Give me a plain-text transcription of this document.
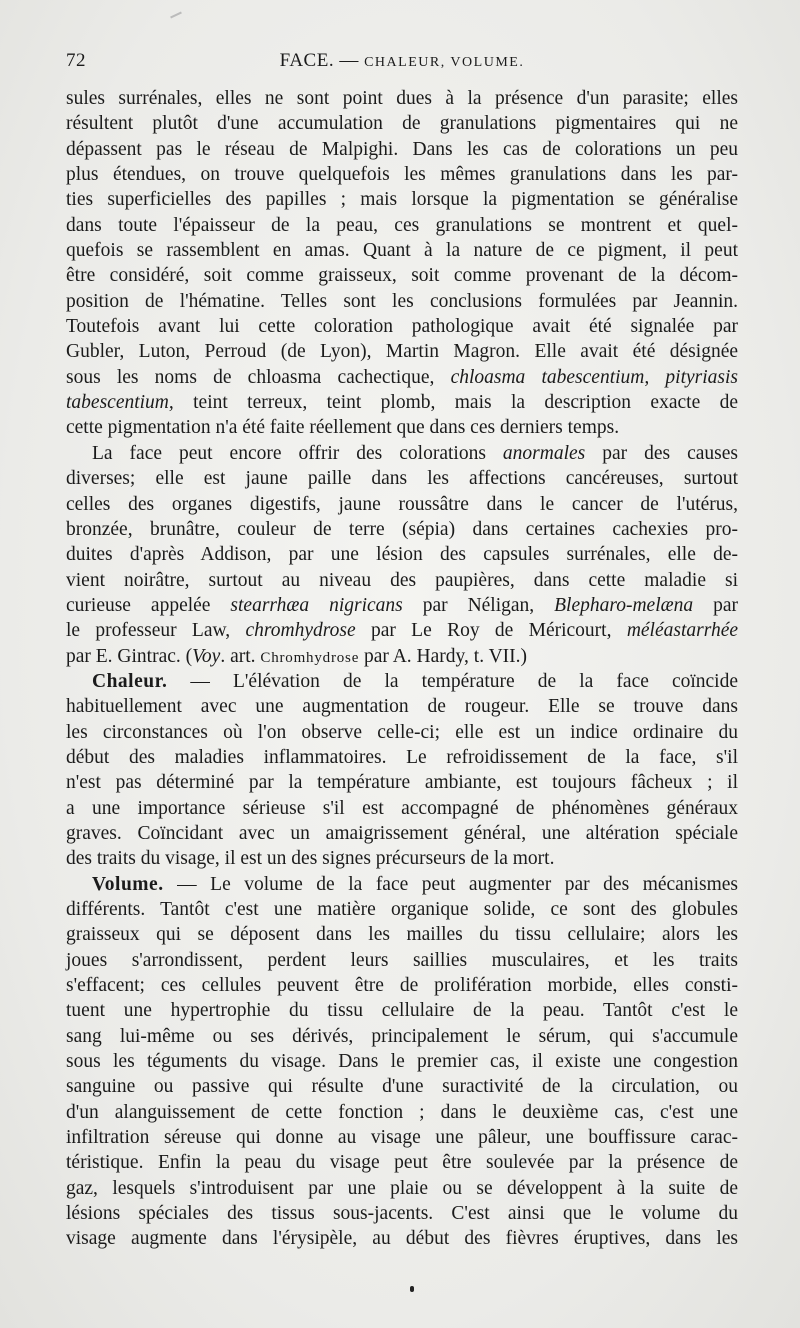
72	FACE. — CHALEUR, VOLUME.
sules surrénales, elles ne sont point dues à la présence d'un parasite; elles
résultent plutôt d'une accumulation de granulations pigmentaires qui ne
dépassent pas le réseau de Malpighi. Dans les cas de colorations un peu
plus étendues, on trouve quelquefois les mêmes granulations dans les par-
ties superficielles des papilles ; mais lorsque la pigmentation se généralise
dans toute l'épaisseur de la peau, ces granulations se montrent et quel-
quefois se rassemblent en amas. Quant à la nature de ce pigment, il peut
être considéré, soit comme graisseux, soit comme provenant de la décom-
position de l'hématine. Telles sont les conclusions formulées par Jeannin.
Toutefois avant lui cette coloration pathologique avait été signalée par
Gubler, Luton, Perroud (de Lyon), Martin Magron. Elle avait été désignée
sous les noms de chloasma cachectique, chloasma tabescentium, pityriasis
tabescentium, teint terreux, teint plomb, mais la description exacte de
cette pigmentation n'a été faite réellement que dans ces derniers temps.
La face peut encore offrir des colorations anormales par des causes
diverses; elle est jaune paille dans les affections cancéreuses, surtout
celles des organes digestifs, jaune roussâtre dans le cancer de l'utérus,
bronzée, brunâtre, couleur de terre (sépia) dans certaines cachexies pro-
duites d'après Addison, par une lésion des capsules surrénales, elle de-
vient noirâtre, surtout au niveau des paupières, dans cette maladie si
curieuse appelée stearrhæa nigricans par Néligan, Blepharo-melæna par
le professeur Law, chromhydrose par Le Roy de Méricourt, méléastarrhée
par E. Gintrac. (Voy. art. Chromhydrose par A. Hardy, t. VII.)
Chaleur. — L'élévation de la température de la face coïncide
habituellement avec une augmentation de rougeur. Elle se trouve dans
les circonstances où l'on observe celle-ci; elle est un indice ordinaire du
début des maladies inflammatoires. Le refroidissement de la face, s'il
n'est pas déterminé par la température ambiante, est toujours fâcheux ; il
a une importance sérieuse s'il est accompagné de phénomènes généraux
graves. Coïncidant avec un amaigrissement général, une altération spéciale
des traits du visage, il est un des signes précurseurs de la mort.
Volume. — Le volume de la face peut augmenter par des mécanismes
différents. Tantôt c'est une matière organique solide, ce sont des globules
graisseux qui se déposent dans les mailles du tissu cellulaire; alors les
joues s'arrondissent, perdent leurs saillies musculaires, et les traits
s'effacent; ces cellules peuvent être de prolifération morbide, elles consti-
tuent une hypertrophie du tissu cellulaire de la peau. Tantôt c'est le
sang lui-même ou ses dérivés, principalement le sérum, qui s'accumule
sous les téguments du visage. Dans le premier cas, il existe une congestion
sanguine ou passive qui résulte d'une suractivité de la circulation, ou
d'un alanguissement de cette fonction ; dans le deuxième cas, c'est une
infiltration séreuse qui donne au visage une pâleur, une bouffissure carac-
téristique. Enfin la peau du visage peut être soulevée par la présence de
gaz, lesquels s'introduisent par une plaie ou se développent à la suite de
lésions spéciales des tissus sous-jacents. C'est ainsi que le volume du
visage augmente dans l'érysipèle, au début des fièvres éruptives, dans les
